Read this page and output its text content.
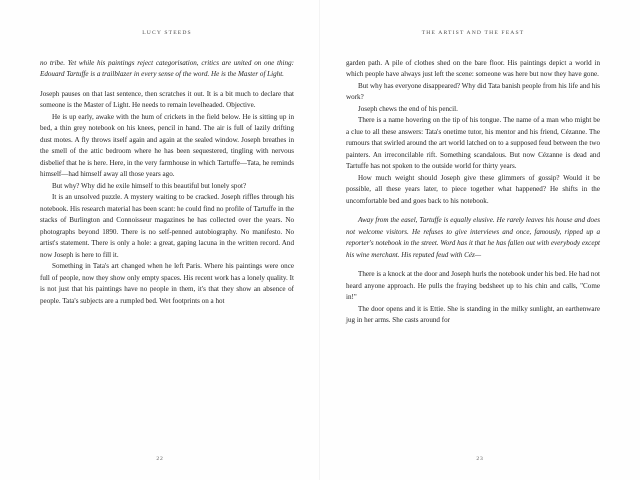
LUCY STEEDS

no tribe. Yet while his paintings reject categorisation, critics are united on one thing: Edouard Tartuffe is a trailblazer in every sense of the word. He is the Master of Light.

Joseph pauses on that last sentence, then scratches it out. It is a bit much to declare that someone is the Master of Light. He needs to remain levelheaded. Objective.

He is up early, awake with the hum of crickets in the field below. He is sitting up in bed, a thin grey notebook on his knees, pencil in hand. The air is full of lazily drifting dust motes. A fly throws itself again and again at the sealed window. Joseph breathes in the smell of the attic bedroom where he has been sequestered, tingling with nervous disbelief that he is here. Here, in the very farmhouse in which Tartuffe—Tata, he reminds himself—had himself away all those years ago.

But why? Why did he exile himself to this beautiful but lonely spot?

It is an unsolved puzzle. A mystery waiting to be cracked. Joseph riffles through his notebook. His research material has been scant: he could find no profile of Tartuffe in the stacks of Burlington and Connoisseur magazines he has collected over the years. No photographs beyond 1890. There is no self-penned autobiography. No manifesto. No artist's statement. There is only a hole: a great, gaping lacuna in the written record. And now Joseph is here to fill it.

Something in Tata's art changed when he left Paris. Where his paintings were once full of people, now they show only empty spaces. His recent work has a lonely quality. It is not just that his paintings have no people in them, it's that they show an absence of people. Tata's subjects are a rumpled bed. Wet footprints on a hot

22
THE ARTIST AND THE FEAST

garden path. A pile of clothes shed on the bare floor. His paintings depict a world in which people have always just left the scene: someone was here but now they have gone.

But why has everyone disappeared? Why did Tata banish people from his life and his work?

Joseph chews the end of his pencil.

There is a name hovering on the tip of his tongue. The name of a man who might be a clue to all these answers: Tata's onetime tutor, his mentor and his friend, Cézanne. The rumours that swirled around the art world latched on to a supposed feud between the two painters. An irreconcilable rift. Something scandalous. But now Cézanne is dead and Tartuffe has not spoken to the outside world for thirty years.

How much weight should Joseph give these glimmers of gossip? Would it be possible, all these years later, to piece together what happened? He shifts in the uncomfortable bed and goes back to his notebook.

Away from the easel, Tartuffe is equally elusive. He rarely leaves his house and does not welcome visitors. He refuses to give interviews and once, famously, ripped up a reporter's notebook in the street. Word has it that he has fallen out with everybody except his wine merchant. His reputed feud with Céz—

There is a knock at the door and Joseph hurls the notebook under his bed. He had not heard anyone approach. He pulls the fraying bedsheet up to his chin and calls, "Come in!"

The door opens and it is Ettie. She is standing in the milky sunlight, an earthenware jug in her arms. She casts around for

23
